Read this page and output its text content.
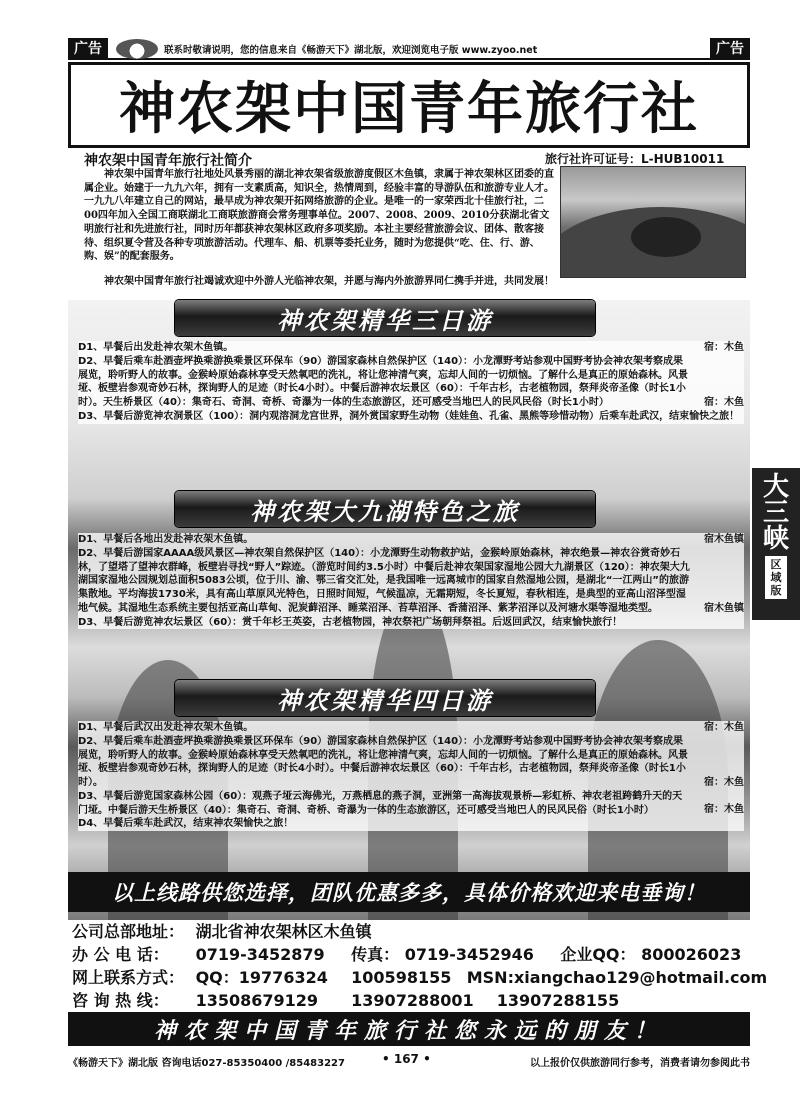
广告	联系时敬请说明，您的信息来自《畅游天下》湖北版，欢迎浏览电子版 www.zyoo.net	广告
神农架中国青年旅行社
神农架中国青年旅行社简介	旅行社许可证号：L-HUB10011
神农架中国青年旅行社地处风景秀丽的湖北神农架省级旅游度假区木鱼镇，隶属于神农架林区团委的直属企业。始建于一九九六年，拥有一支素质高，知识全，热情周到，经验丰富的导游队伍和旅游专业人才。一九九八年建立自己的网站，最早成为神农架开拓网络旅游的企业。是唯一的一家荣西北十佳旅行社，二00四年加入全国工商联湖北工商联旅游商会常务理事单位。2007、2008、2009、2010分获湖北省文明旅行社和先进旅行社，同时历年都获神农架林区政府多项奖励。本社主要经营旅游会议、团体、散客接待、组织夏令营及各种专项旅游活动。代理车、船、机票等委托业务，随时为您提供“吃、住、行、游、购、娱”的配套服务。
神农架中国青年旅行社竭诚欢迎中外游人光临神农架，并愿与海内外旅游界同仁携手并进，共同发展！
神农架精华三日游
D1、早餐后出发赴神农架木鱼镇。	宿：木鱼
D2、早餐后乘车赴酒壶坪换乘游换乘景区环保车（90）游国家森林自然保护区（140）：小龙潭野考站参观中国野考协会神农架考察成果展览，聆听野人的故事。金猴岭原始森林享受天然氧吧的洗礼，将让您神清气爽，忘却人间的一切烦恼。了解什么是真正的原始森林。风景垭、板壁岩参观奇妙石林，探询野人的足迹（时长4小时）。中餐后游神农坛景区（60）：千年古杉，古老植物园，祭拜炎帝圣像（时长1小时）。天生桥景区（40）：集奇石、奇洞、奇桥、奇瀑为一体的生态旅游区，还可感受当地巴人的民风民俗（时长1小时）	宿：木鱼
D3、早餐后游览神农洞景区（100）：洞内观溶洞龙宫世界，洞外赏国家野生动物（娃娃鱼、孔雀、黑熊等珍惜动物）后乘车赴武汉，结束愉快之旅！
神农架大九湖特色之旅
D1、早餐后各地出发赴神农架木鱼镇。	宿木鱼镇
D2、早餐后游国家AAAA级风景区—神农架自然保护区（140）：小龙潭野生动物救护站，金猴岭原始森林，神农绝景—神农谷赏奇妙石林，了望塔了望神农群峰，板壁岩寻找“野人”踪迹。（游览时间约3.5小时）中餐后赴神农架国家湿地公园大九湖景区（120）：神农架大九湖国家湿地公园规划总面积5083公顷，位于川、渝、鄂三省交汇处，是我国唯一远离城市的国家自然湿地公园，是湖北“一江两山”的旅游集散地。平均海拔1730米，具有高山草原风光特色，日照时间短，气候温凉，无霜期短，冬长夏短，春秋相连，是典型的亚高山沼泽型湿地气候。其湿地生态系统主要包括亚高山草甸、泥炭藓沼泽、睡菜沼泽、苔草沼泽、香蒲沼泽、紫茅沼泽以及河塘水渠等湿地类型。	宿木鱼镇
D3、早餐后游览神农坛景区（60）：赏千年杉王英姿，古老植物园，神农祭祀广场朝拜祭祖。后返回武汉，结束愉快旅行！
神农架精华四日游
D1、早餐后武汉出发赴神农架木鱼镇。	宿：木鱼
D2、早餐后乘车赴酒壶坪换乘游换乘景区环保车（90）游国家森林自然保护区（140）：小龙潭野考站参观中国野考协会神农架考察成果展览，聆听野人的故事。金猴岭原始森林享受天然氧吧的洗礼，将让您神清气爽，忘却人间的一切烦恼。了解什么是真正的原始森林。风景垭、板壁岩参观奇妙石林，探询野人的足迹（时长4小时）。中餐后游神农坛景区（60）：千年古杉，古老植物园，祭拜炎帝圣像（时长1小时）。	宿：木鱼
D3、早餐后游览国家森林公园（60）：观燕子垭云海佛光，万燕栖息的燕子洞，亚洲第一高海拔观景桥—彩虹桥、神农老祖跨鹤升天的天门垭。中餐后游天生桥景区（40）：集奇石、奇洞、奇桥、奇瀑为一体的生态旅游区，还可感受当地巴人的民风民俗（时长1小时）	宿：木鱼
D4、早餐后乘车赴武汉，结束神农架愉快之旅！
以上线路供您选择，团队优惠多多，具体价格欢迎来电垂询！
公司总部地址： 湖北省神农架林区木鱼镇
办 公 电 话： 0719-3452879 传真： 0719-3452946 企业QQ： 800026023
网上联系方式： QQ：19776324 100598155 MSN:xiangchao129@hotmail.com
咨 询 热 线： 13508679129 13907288001 13907288155
神农架中国青年旅行社您永远的朋友！
《畅游天下》湖北版 咨询电话027-85350400 /85483227	• 167 •	以上报价仅供旅游同行参考，消费者请勿参阅此书
大三峡
区域版
